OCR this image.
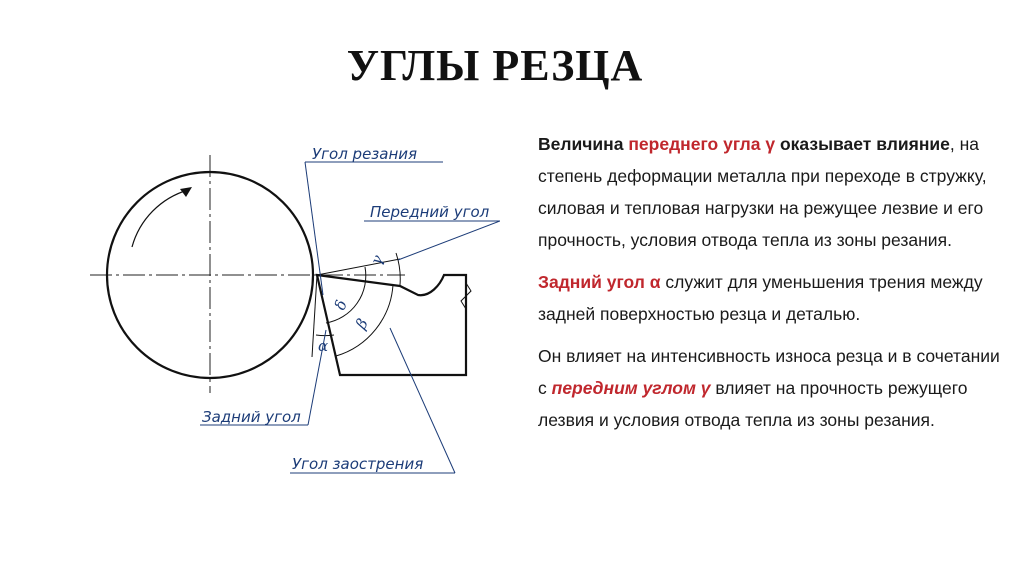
УГЛЫ РЕЗЦА
Угол резания
Передний угол
Задний угол
Угол заострения
γ
δ
β
α

Величина переднего угла γ оказывает влияние, на степень деформации металла при переходе в стружку, силовая и тепловая нагрузки на режущее лезвие и его прочность, условия отвода тепла из зоны резания.

Задний угол α служит для уменьшения трения между задней поверхностью резца и деталью.

Он влияет на интенсивность износа резца и в сочетании с передним углом γ влияет на прочность режущего лезвия и условия отвода тепла из зоны резания.
